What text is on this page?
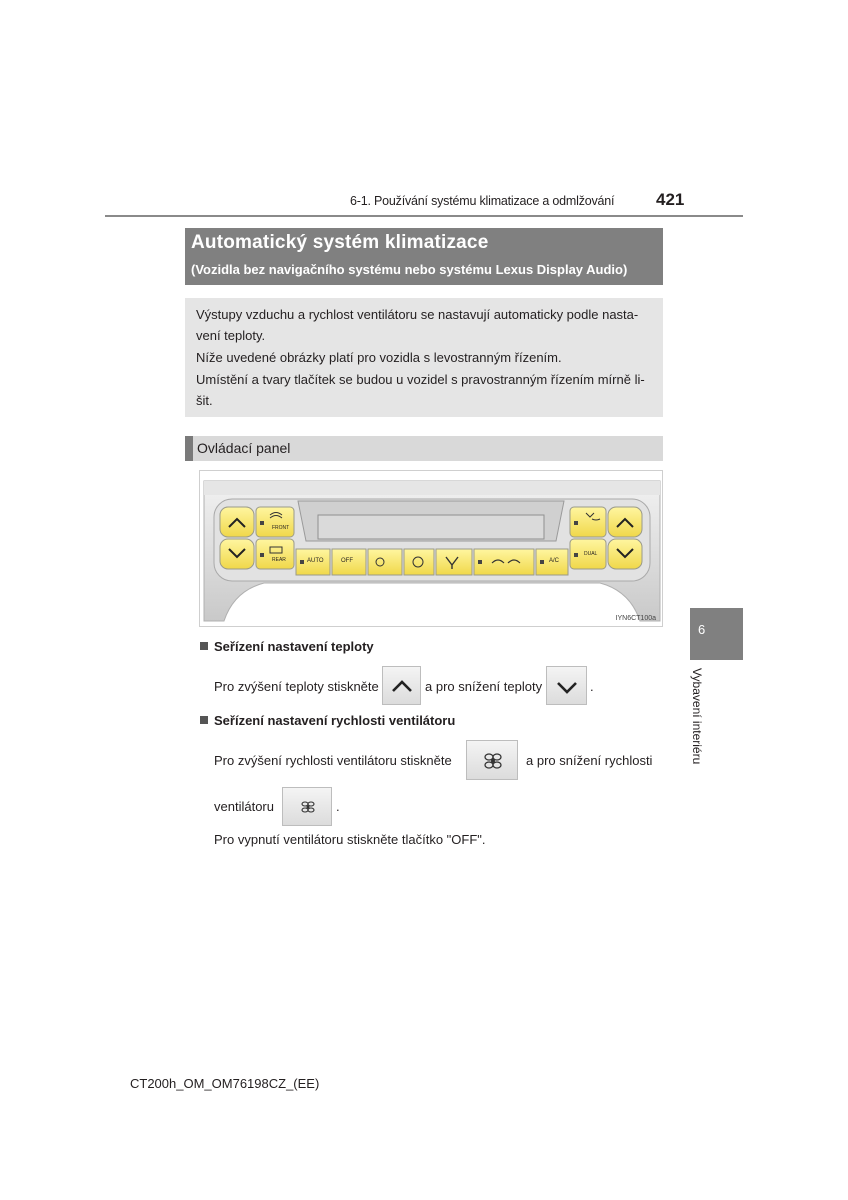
6-1. Používání systému klimatizace a odmlžování 421
Automatický systém klimatizace
(Vozidla bez navigačního systému nebo systému Lexus Display Audio)

Výstupy vzduchu a rychlost ventilátoru se nastavují automaticky podle nasta-

vení teploty.

Níže uvedené obrázky platí pro vozidla s levostranným řízením.

Umístění a tvary tlačítek se budou u vozidel s pravostranným řízením mírně li-

šit.

Ovládací panel
FRONT
REAR	AUTO	OFF	A/C
DUAL
IYN6CT100a
Seřízení nastavení teploty
Pro zvýšení teploty stiskněte	a pro snížení teploty	.
Seřízení nastavení rychlosti ventilátoru
Pro zvýšení rychlosti ventilátoru stiskněte	a pro snížení rychlosti
ventilátoru	.
Pro vypnutí ventilátoru stiskněte tlačítko "OFF".
6
Vybavení interiéru
CT200h_OM_OM76198CZ_(EE)
